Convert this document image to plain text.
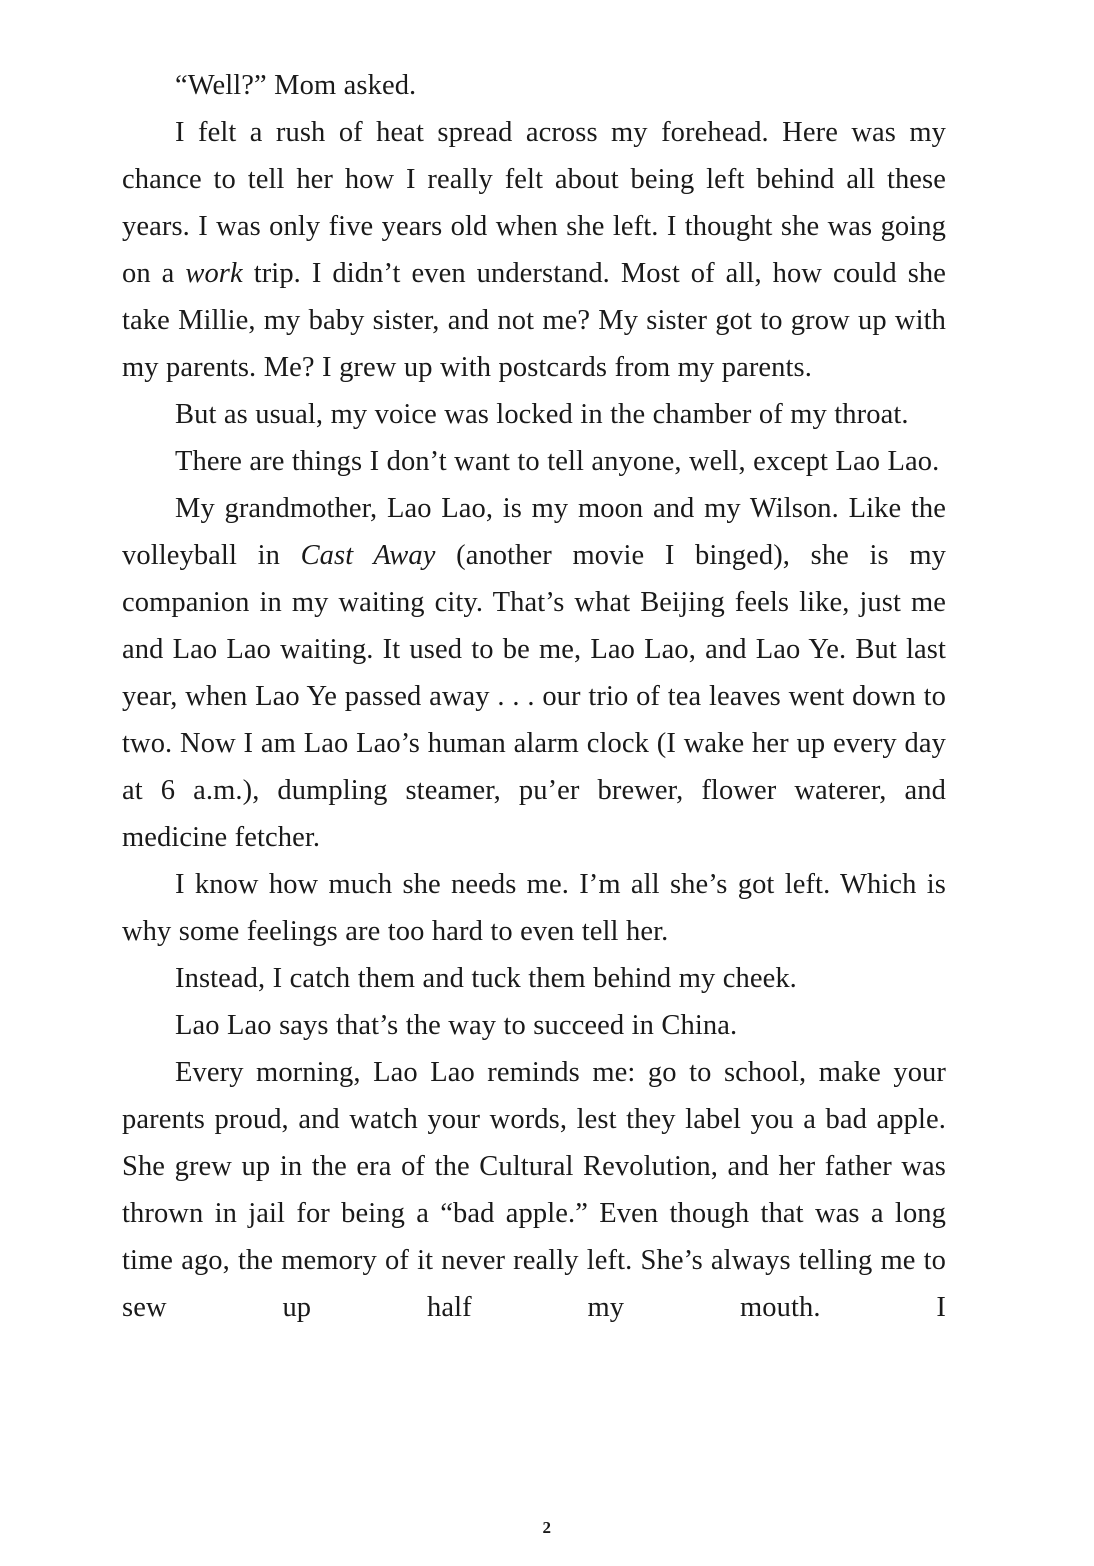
“Well?” Mom asked.

I felt a rush of heat spread across my forehead. Here was my chance to tell her how I really felt about being left behind all these years. I was only five years old when she left. I thought she was going on a work trip. I didn’t even understand. Most of all, how could she take Millie, my baby sister, and not me? My sister got to grow up with my parents. Me? I grew up with postcards from my parents.

But as usual, my voice was locked in the chamber of my throat.

There are things I don’t want to tell anyone, well, except Lao Lao.

My grandmother, Lao Lao, is my moon and my Wilson. Like the volleyball in Cast Away (another movie I binged), she is my companion in my waiting city. That’s what Beijing feels like, just me and Lao Lao waiting. It used to be me, Lao Lao, and Lao Ye. But last year, when Lao Ye passed away . . . our trio of tea leaves went down to two. Now I am Lao Lao’s human alarm clock (I wake her up every day at 6 a.m.), dumpling steamer, pu’er brewer, flower waterer, and medicine fetcher.

I know how much she needs me. I’m all she’s got left. Which is why some feelings are too hard to even tell her.

Instead, I catch them and tuck them behind my cheek.

Lao Lao says that’s the way to succeed in China.

Every morning, Lao Lao reminds me: go to school, make your parents proud, and watch your words, lest they label you a bad apple. She grew up in the era of the Cultural Revolution, and her father was thrown in jail for being a “bad apple.” Even though that was a long time ago, the memory of it never really left. She’s always telling me to sew up half my mouth. I

2
